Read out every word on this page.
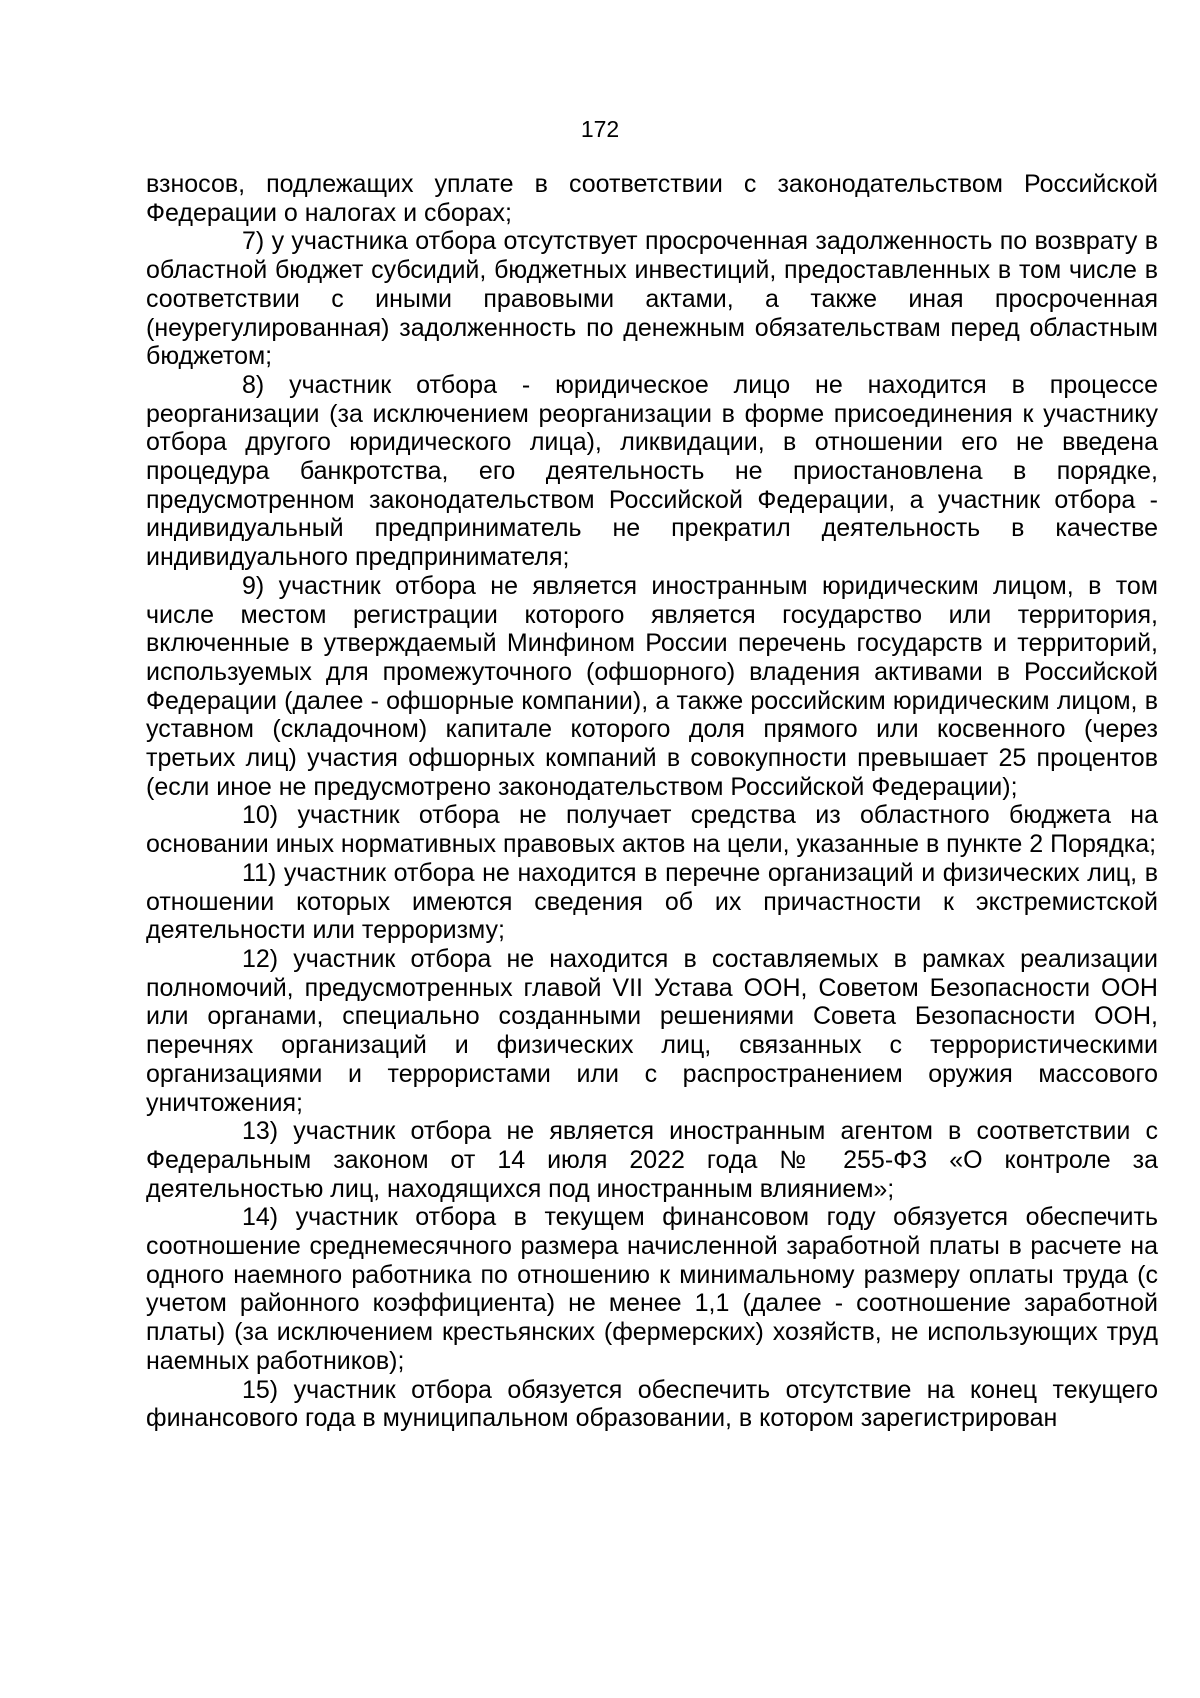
172

взносов, подлежащих уплате в соответствии с законодательством Российской Федерации о налогах и сборах;

7) у участника отбора отсутствует просроченная задолженность по возврату в областной бюджет субсидий, бюджетных инвестиций, предоставленных в том числе в соответствии с иными правовыми актами, а также иная просроченная (неурегулированная) задолженность по денежным обязательствам перед областным бюджетом;

8) участник отбора - юридическое лицо не находится в процессе реорганизации (за исключением реорганизации в форме присоединения к участнику отбора другого юридического лица), ликвидации, в отношении его не введена процедура банкротства, его деятельность не приостановлена в порядке, предусмотренном законодательством Российской Федерации, а участник отбора - индивидуальный предприниматель не прекратил деятельность в качестве индивидуального предпринимателя;

9) участник отбора не является иностранным юридическим лицом, в том числе местом регистрации которого является государство или территория, включенные в утверждаемый Минфином России перечень государств и территорий, используемых для промежуточного (офшорного) владения активами в Российской Федерации (далее - офшорные компании), а также российским юридическим лицом, в уставном (складочном) капитале которого доля прямого или косвенного (через третьих лиц) участия офшорных компаний в совокупности превышает 25 процентов (если иное не предусмотрено законодательством Российской Федерации);

10) участник отбора не получает средства из областного бюджета на основании иных нормативных правовых актов на цели, указанные в пункте 2 Порядка;

11) участник отбора не находится в перечне организаций и физических лиц, в отношении которых имеются сведения об их причастности к экстремистской деятельности или терроризму;

12) участник отбора не находится в составляемых в рамках реализации полномочий, предусмотренных главой VII Устава ООН, Советом Безопасности ООН или органами, специально созданными решениями Совета Безопасности ООН, перечнях организаций и физических лиц, связанных с террористическими организациями и террористами или с распространением оружия массового уничтожения;

13) участник отбора не является иностранным агентом в соответствии с Федеральным законом от 14 июля 2022 года № 255-ФЗ «О контроле за деятельностью лиц, находящихся под иностранным влиянием»;

14) участник отбора в текущем финансовом году обязуется обеспечить соотношение среднемесячного размера начисленной заработной платы в расчете на одного наемного работника по отношению к минимальному размеру оплаты труда (с учетом районного коэффициента) не менее 1,1 (далее - соотношение заработной платы) (за исключением крестьянских (фермерских) хозяйств, не использующих труд наемных работников);

15) участник отбора обязуется обеспечить отсутствие на конец текущего финансового года в муниципальном образовании, в котором зарегистрирован
